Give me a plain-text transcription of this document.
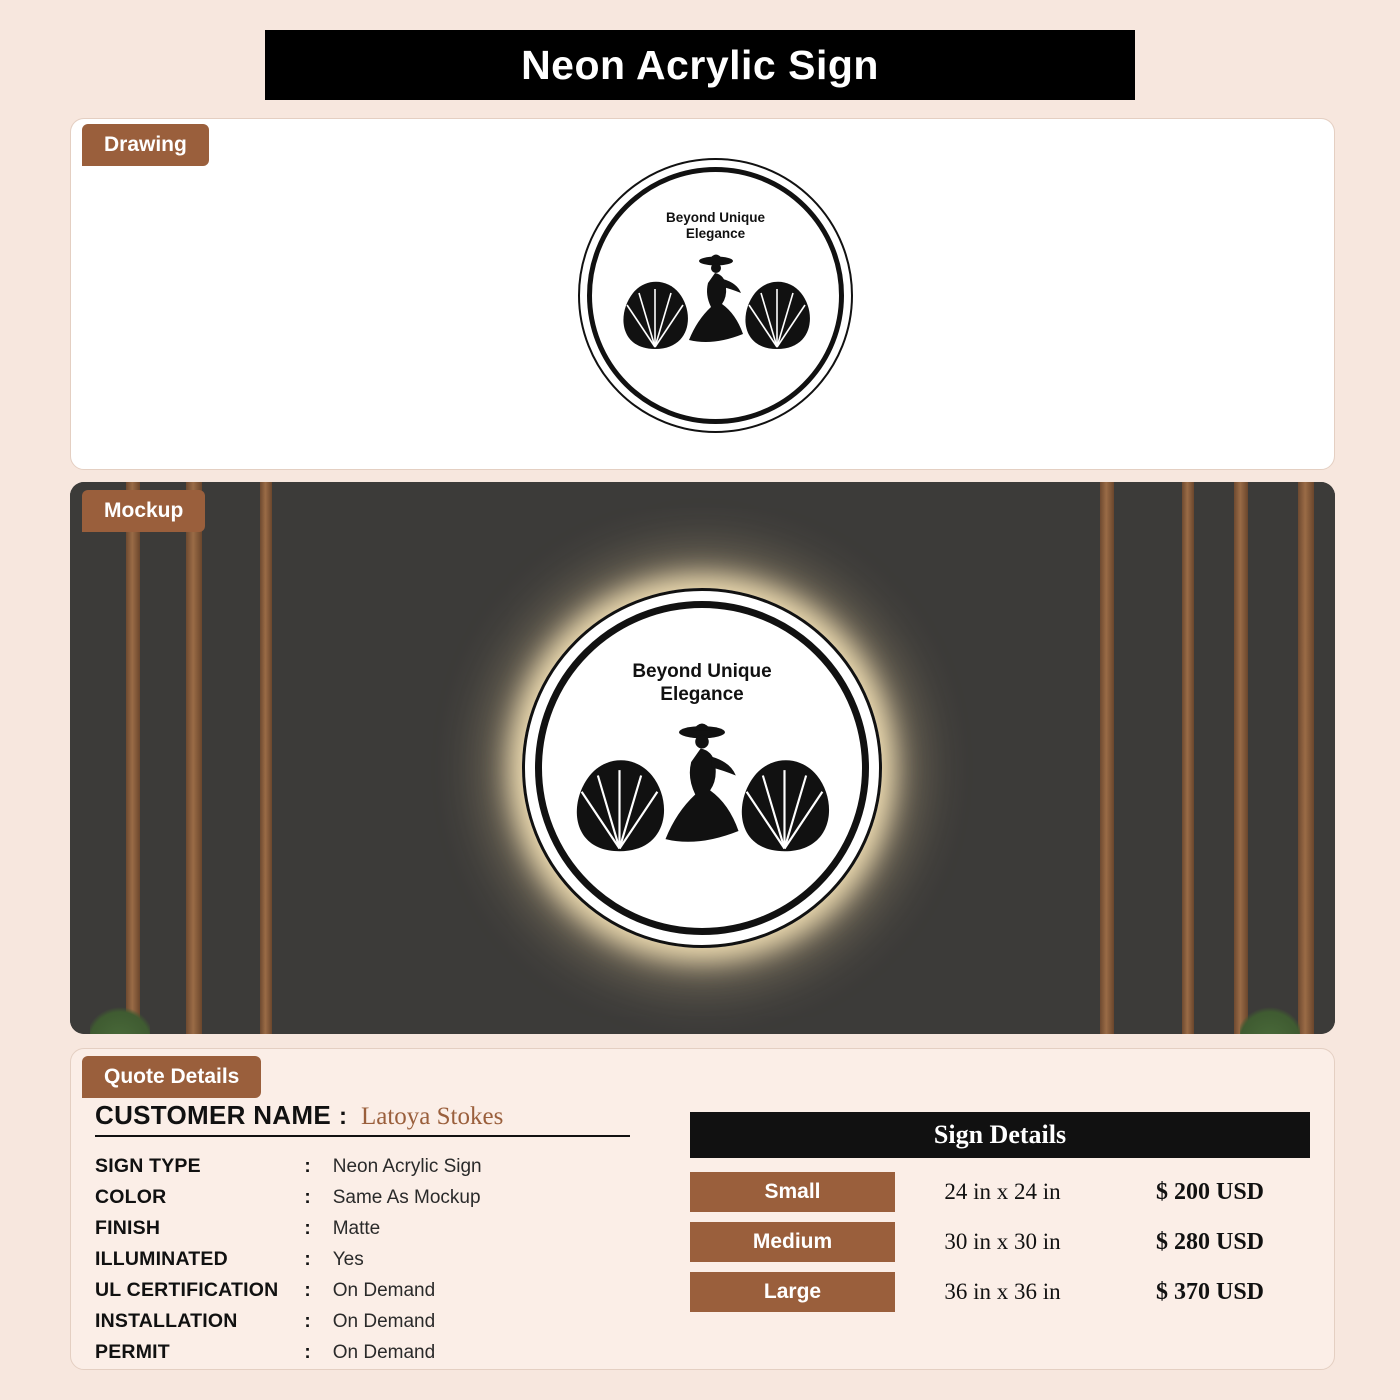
Neon Acrylic Sign
Drawing
Beyond Unique
Elegance
Mockup
Beyond Unique
Elegance
Quote Details
CUSTOMER NAME : Latoya Stokes
SIGN TYPE	:	Neon Acrylic Sign
COLOR	:	Same As Mockup
FINISH	:	Matte
ILLUMINATED	:	Yes
UL CERTIFICATION	:	On Demand
INSTALLATION	:	On Demand
PERMIT	:	On Demand
Sign Details
Small	24 in x 24 in	$ 200 USD
Medium	30 in x 30 in	$ 280 USD
Large	36 in x 36 in	$ 370 USD
